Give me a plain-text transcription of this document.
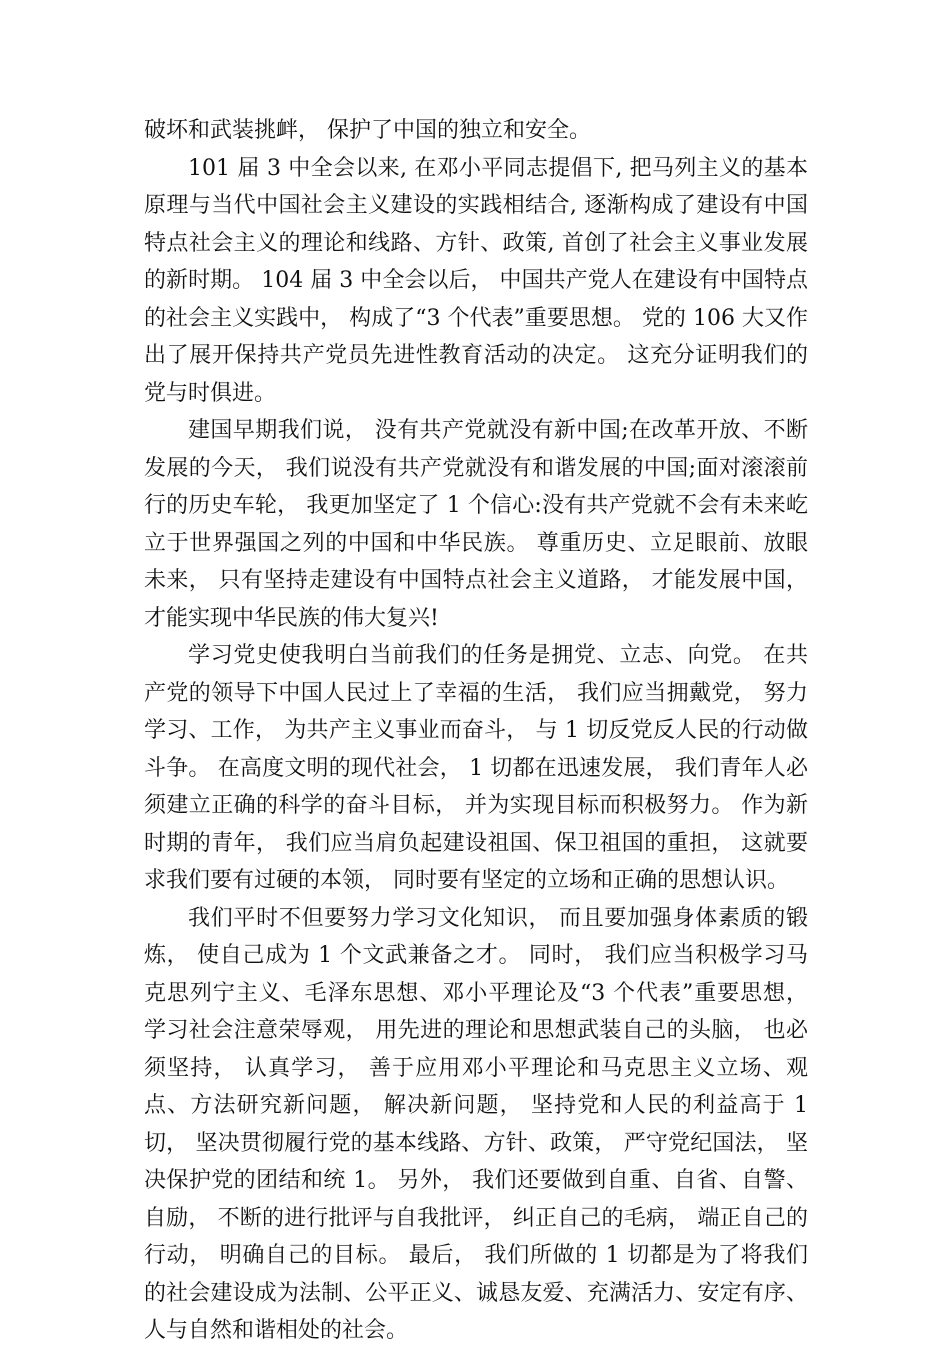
破坏和武装挑衅， 保护了中国的独立和安全。

101 届 3 中全会以来, 在邓小平同志提倡下, 把马列主义的基本原理与当代中国社会主义建设的实践相结合, 逐渐构成了建设有中国特点社会主义的理论和线路、方针、政策, 首创了社会主义事业发展的新时期。 104 届 3 中全会以后， 中国共产党人在建设有中国特点的社会主义实践中， 构成了“3 个代表”重要思想。 党的 106 大又作出了展开保持共产党员先进性教育活动的决定。 这充分证明我们的党与时俱进。

建国早期我们说， 没有共产党就没有新中国;在改革开放、不断发展的今天， 我们说没有共产党就没有和谐发展的中国;面对滚滚前行的历史车轮， 我更加坚定了 1 个信心:没有共产党就不会有未来屹立于世界强国之列的中国和中华民族。 尊重历史、立足眼前、放眼未来， 只有坚持走建设有中国特点社会主义道路， 才能发展中国， 才能实现中华民族的伟大复兴!

学习党史使我明白当前我们的任务是拥党、立志、向党。 在共产党的领导下中国人民过上了幸福的生活， 我们应当拥戴党， 努力学习、工作， 为共产主义事业而奋斗， 与 1 切反党反人民的行动做斗争。 在高度文明的现代社会， 1 切都在迅速发展， 我们青年人必须建立正确的科学的奋斗目标， 并为实现目标而积极努力。 作为新时期的青年， 我们应当肩负起建设祖国、保卫祖国的重担， 这就要求我们要有过硬的本领， 同时要有坚定的立场和正确的思想认识。

我们平时不但要努力学习文化知识， 而且要加强身体素质的锻炼， 使自己成为 1 个文武兼备之才。 同时， 我们应当积极学习马克思列宁主义、毛泽东思想、邓小平理论及“3 个代表”重要思想， 学习社会注意荣辱观， 用先进的理论和思想武装自己的头脑， 也必须坚持， 认真学习， 善于应用邓小平理论和马克思主义立场、观点、方法研究新问题， 解决新问题， 坚持党和人民的利益高于 1 切， 坚决贯彻履行党的基本线路、方针、政策， 严守党纪国法， 坚决保护党的团结和统 1。 另外， 我们还要做到自重、自省、自警、自励， 不断的进行批评与自我批评， 纠正自己的毛病， 端正自己的行动， 明确自己的目标。 最后， 我们所做的 1 切都是为了将我们的社会建设成为法制、公平正义、诚恳友爱、充满活力、安定有序、人与自然和谐相处的社会。
